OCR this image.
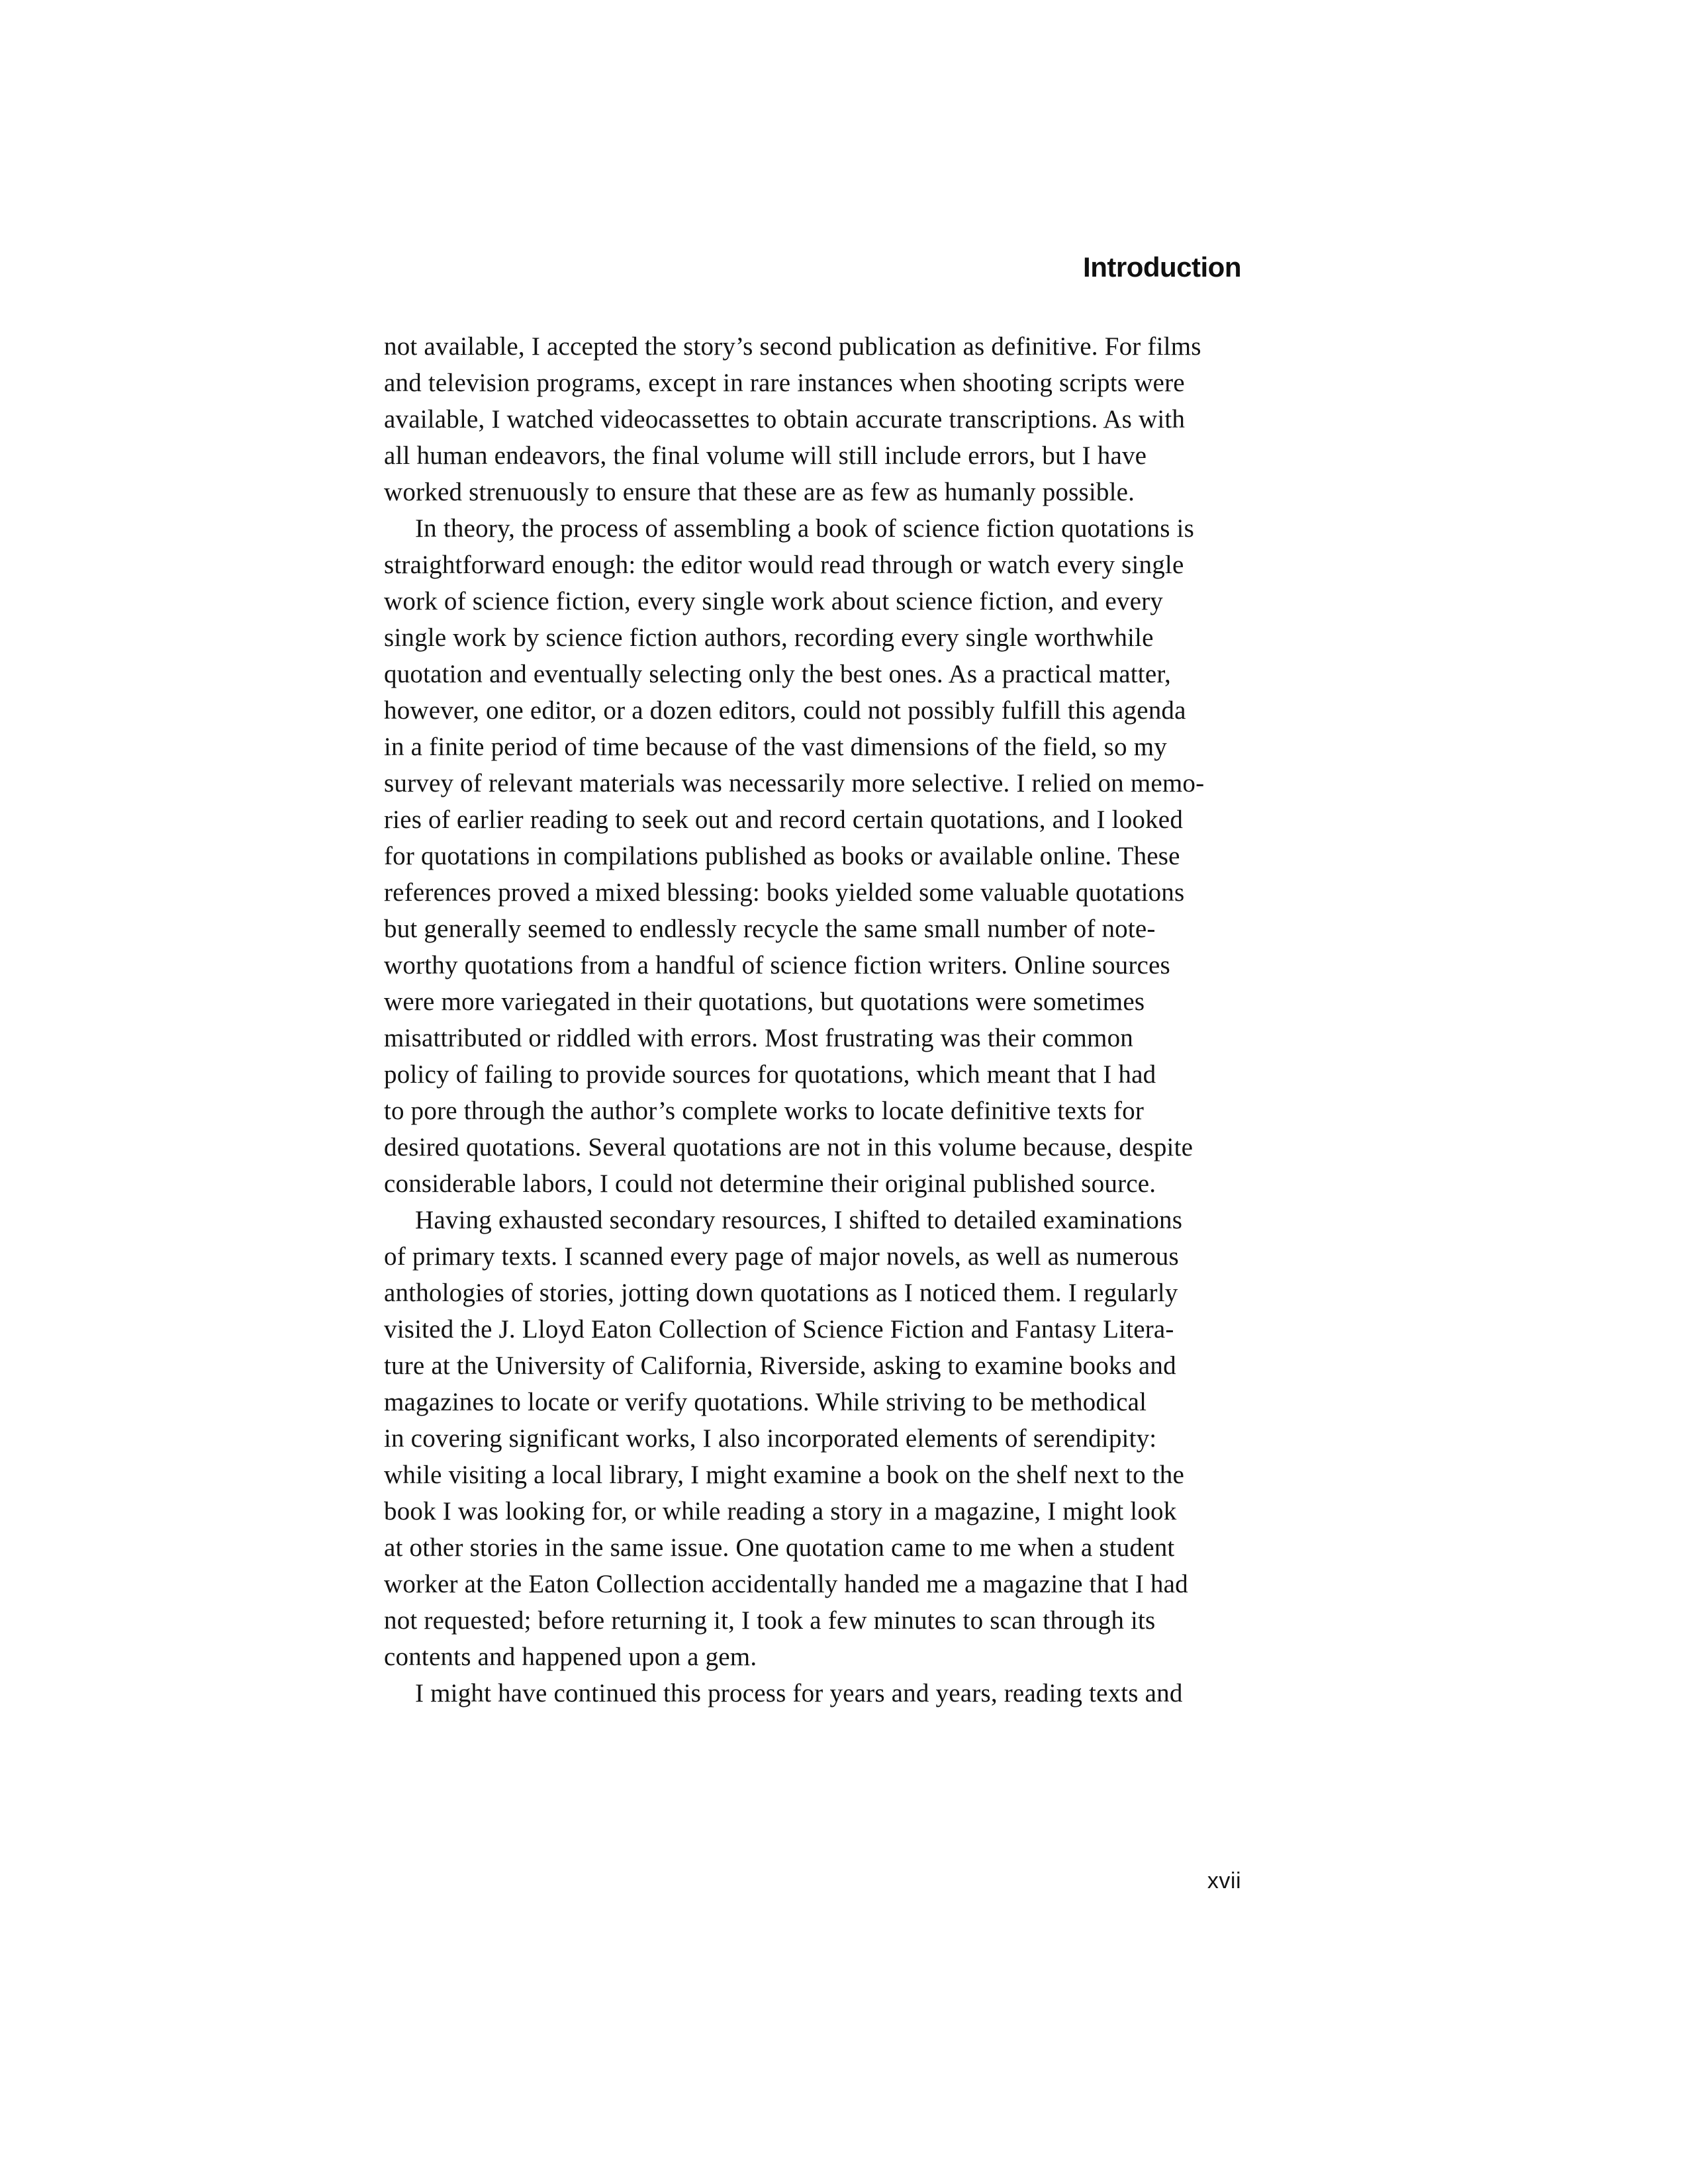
Introduction
not available, I accepted the story’s second publication as definitive. For films
and television programs, except in rare instances when shooting scripts were
available, I watched videocassettes to obtain accurate transcriptions. As with
all human endeavors, the final volume will still include errors, but I have
worked strenuously to ensure that these are as few as humanly possible.
In theory, the process of assembling a book of science fiction quotations is
straightforward enough: the editor would read through or watch every single
work of science fiction, every single work about science fiction, and every
single work by science fiction authors, recording every single worthwhile
quotation and eventually selecting only the best ones. As a practical matter,
however, one editor, or a dozen editors, could not possibly fulfill this agenda
in a finite period of time because of the vast dimensions of the field, so my
survey of relevant materials was necessarily more selective. I relied on memo-
ries of earlier reading to seek out and record certain quotations, and I looked
for quotations in compilations published as books or available online. These
references proved a mixed blessing: books yielded some valuable quotations
but generally seemed to endlessly recycle the same small number of note-
worthy quotations from a handful of science fiction writers. Online sources
were more variegated in their quotations, but quotations were sometimes
misattributed or riddled with errors. Most frustrating was their common
policy of failing to provide sources for quotations, which meant that I had
to pore through the author’s complete works to locate definitive texts for
desired quotations. Several quotations are not in this volume because, despite
considerable labors, I could not determine their original published source.
Having exhausted secondary resources, I shifted to detailed examinations
of primary texts. I scanned every page of major novels, as well as numerous
anthologies of stories, jotting down quotations as I noticed them. I regularly
visited the J. Lloyd Eaton Collection of Science Fiction and Fantasy Litera-
ture at the University of California, Riverside, asking to examine books and
magazines to locate or verify quotations. While striving to be methodical
in covering significant works, I also incorporated elements of serendipity:
while visiting a local library, I might examine a book on the shelf next to the
book I was looking for, or while reading a story in a magazine, I might look
at other stories in the same issue. One quotation came to me when a student
worker at the Eaton Collection accidentally handed me a magazine that I had
not requested; before returning it, I took a few minutes to scan through its
contents and happened upon a gem.
I might have continued this process for years and years, reading texts and
xvii
